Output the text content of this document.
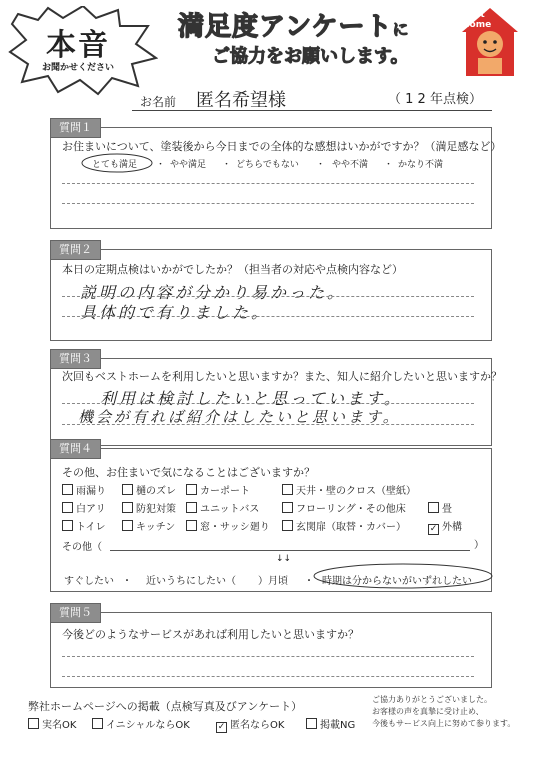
本音
お聞かせください
満足度アンケートに
ご協力をお願いします。
Best
Home
お名前 匿名希望様	（ 1 2 年点検）
質問１
お住まいについて、塗装後から今日までの全体的な感想はいかがですか？（満足感など）
とても満足 ・ やや満足 ・ どちらでもない ・ やや不満 ・ かなり不満
質問２
本日の定期点検はいかがでしたか？（担当者の対応や点検内容など）
説明の内容が分かり易かった。
具体的で有りました。
質問３
次回もベストホームを利用したいと思いますか？また、知人に紹介したいと思いますか？
利用は検討したいと思っています。
機会が有れば紹介はしたいと思います。
質問４
その他、お住まいで気になることはございますか？
雨漏り	樋のズレ	カーポート	天井・壁のクロス（壁紙）
白アリ	防犯対策	ユニットバス	フローリング・その他床	畳
トイレ	キッチン	窓・サッシ廻り	玄関扉（取替・カバー）	✓ 外構
その他（	）
↓↓
すぐしたい ・ 近いうちにしたい（ ）月頃 ・ 時期は分からないがいずれしたい
質問５
今後どのようなサービスがあれば利用したいと思いますか？
弊社ホームページへの掲載（点検写真及びアンケート）
実名OK	イニシャルならOK	✓ 匿名ならOK	掲載NG
ご協力ありがとうございました。
お客様の声を真摯に受け止め、
今後もサービス向上に努めて参ります。
